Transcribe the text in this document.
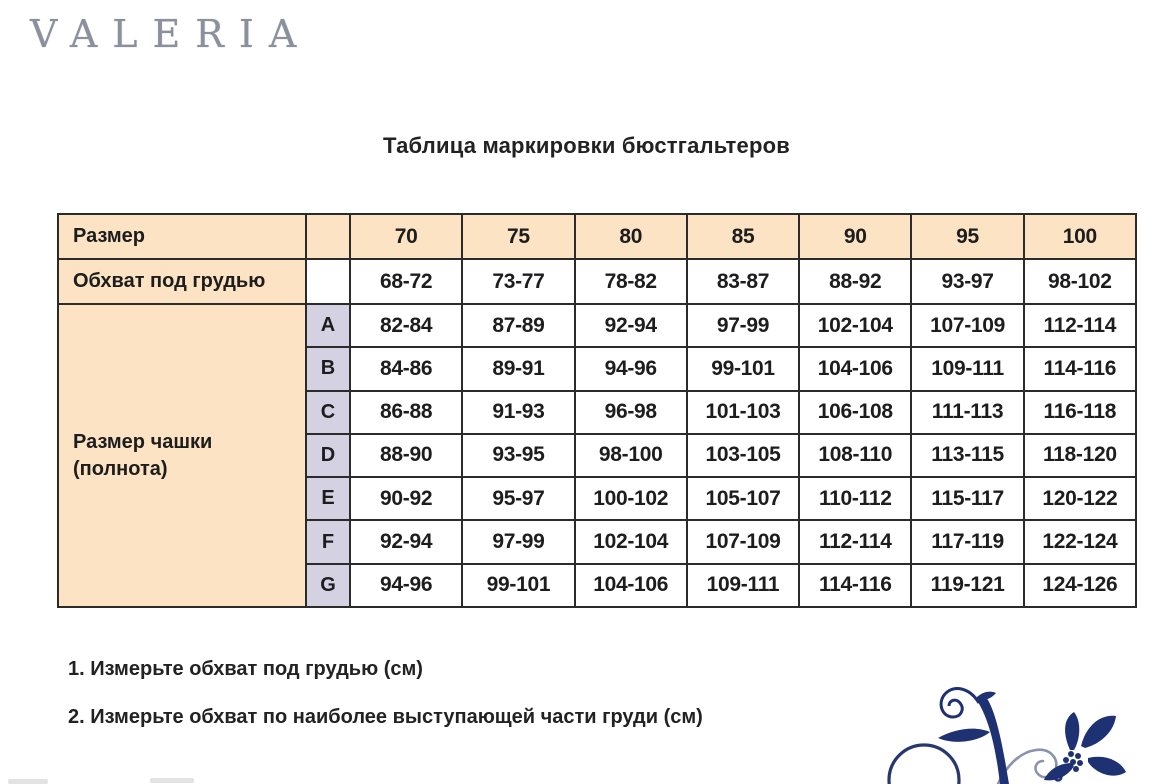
VALERIA
Таблица маркировки бюстгальтеров
Размер		70	75	80	85	90	95	100
Обхват под грудью		68-72	73-77	78-82	83-87	88-92	93-97	98-102
Размер чашки (полнота)	A	82-84	87-89	92-94	97-99	102-104	107-109	112-114
	B	84-86	89-91	94-96	99-101	104-106	109-111	114-116
	C	86-88	91-93	96-98	101-103	106-108	111-113	116-118
	D	88-90	93-95	98-100	103-105	108-110	113-115	118-120
	E	90-92	95-97	100-102	105-107	110-112	115-117	120-122
	F	92-94	97-99	102-104	107-109	112-114	117-119	122-124
	G	94-96	99-101	104-106	109-111	114-116	119-121	124-126
1. Измерьте обхват под грудью (см)
2. Измерьте обхват по наиболее выступающей части груди (см)
